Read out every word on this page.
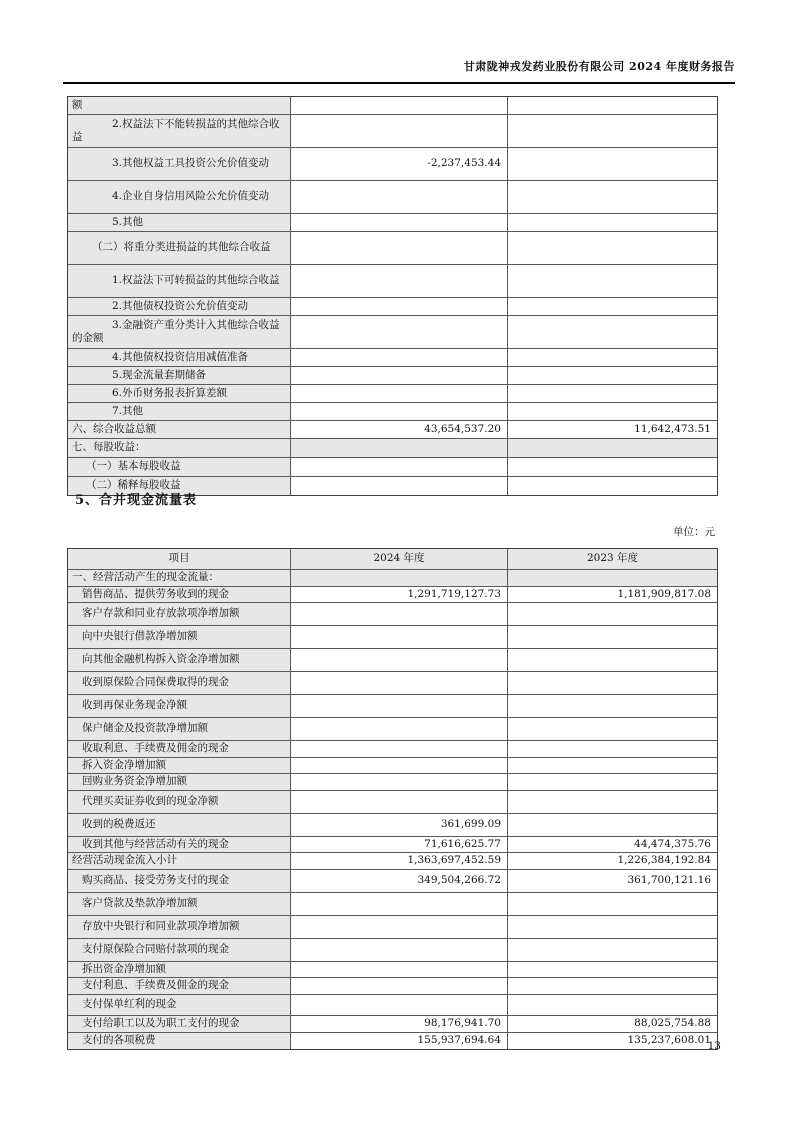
甘肃陇神戎发药业股份有限公司 2024 年度财务报告
额
2.权益法下不能转损益的其他综合收益
3.其他权益工具投资公允价值变动	-2,237,453.44
4.企业自身信用风险公允价值变动
5.其他
（二）将重分类进损益的其他综合收益
1.权益法下可转损益的其他综合收益
2.其他债权投资公允价值变动
3.金融资产重分类计入其他综合收益的金额
4.其他债权投资信用减值准备
5.现金流量套期储备
6.外币财务报表折算差额
7.其他
六、综合收益总额	43,654,537.20	11,642,473.51
七、每股收益：
（一）基本每股收益
（二）稀释每股收益
5、合并现金流量表
单位：元
项目	2024 年度	2023 年度
一、经营活动产生的现金流量：
销售商品、提供劳务收到的现金	1,291,719,127.73	1,181,909,817.08
客户存款和同业存放款项净增加额
向中央银行借款净增加额
向其他金融机构拆入资金净增加额
收到原保险合同保费取得的现金
收到再保业务现金净额
保户储金及投资款净增加额
收取利息、手续费及佣金的现金
拆入资金净增加额
回购业务资金净增加额
代理买卖证券收到的现金净额
收到的税费返还	361,699.09
收到其他与经营活动有关的现金	71,616,625.77	44,474,375.76
经营活动现金流入小计	1,363,697,452.59	1,226,384,192.84
购买商品、接受劳务支付的现金	349,504,266.72	361,700,121.16
客户贷款及垫款净增加额
存放中央银行和同业款项净增加额
支付原保险合同赔付款项的现金
拆出资金净增加额
支付利息、手续费及佣金的现金
支付保单红利的现金
支付给职工以及为职工支付的现金	98,176,941.70	88,025,754.88
支付的各项税费	155,937,694.64	135,237,608.01
13
